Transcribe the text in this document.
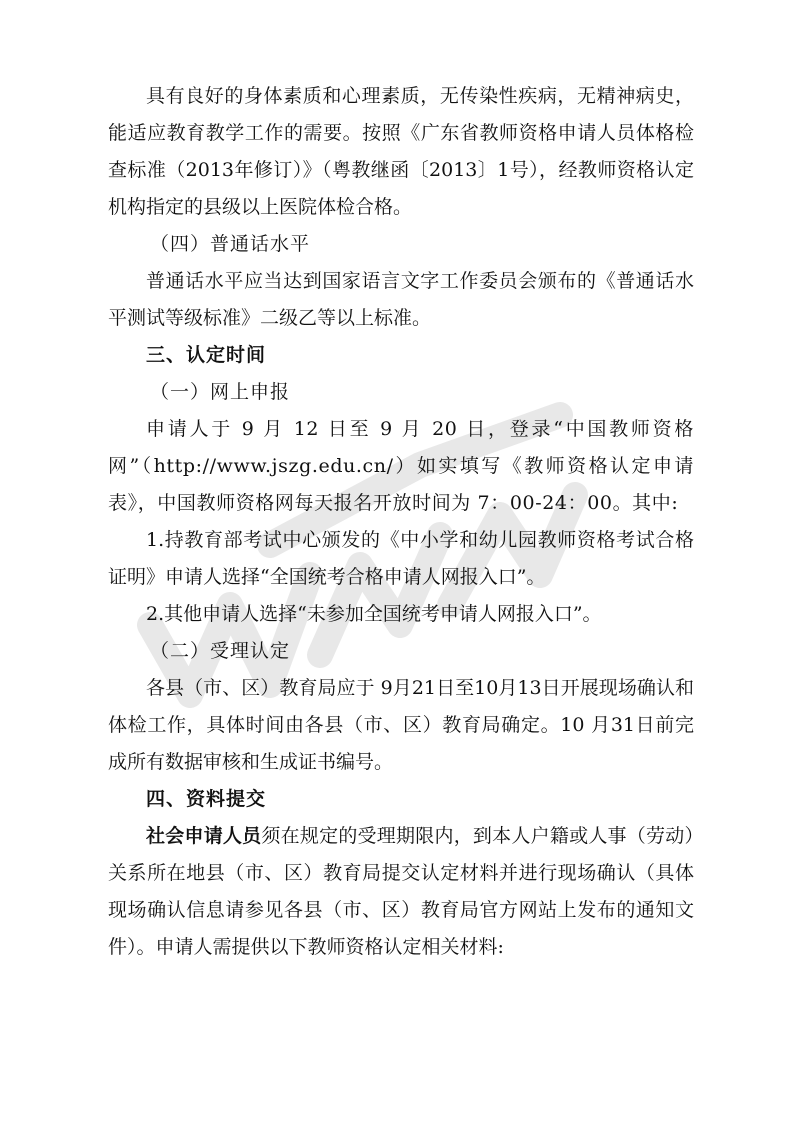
具有良好的身体素质和心理素质，无传染性疾病，无精神病史，能适应教育教学工作的需要。按照《广东省教师资格申请人员体格检查标准（2013年修订）》（粤教继函〔2013〕1号），经教师资格认定机构指定的县级以上医院体检合格。

（四）普通话水平

普通话水平应当达到国家语言文字工作委员会颁布的《普通话水平测试等级标准》二级乙等以上标准。

三、认定时间

（一）网上申报

申请人于 9 月 12 日至 9 月 20 日，登录“中国教师资格网”（http://www.jszg.edu.cn/）如实填写《教师资格认定申请表》，中国教师资格网每天报名开放时间为 7：00-24：00。其中:

1.持教育部考试中心颁发的《中小学和幼儿园教师资格考试合格证明》申请人选择“全国统考合格申请人网报入口”。

2.其他申请人选择“未参加全国统考申请人网报入口”。

（二）受理认定

各县（市、区）教育局应于 9月21日至10月13日开展现场确认和体检工作，具体时间由各县（市、区）教育局确定。10 月31日前完成所有数据审核和生成证书编号。

四、资料提交

社会申请人员须在规定的受理期限内，到本人户籍或人事（劳动）关系所在地县（市、区）教育局提交认定材料并进行现场确认（具体现场确认信息请参见各县（市、区）教育局官方网站上发布的通知文件）。申请人需提供以下教师资格认定相关材料:
